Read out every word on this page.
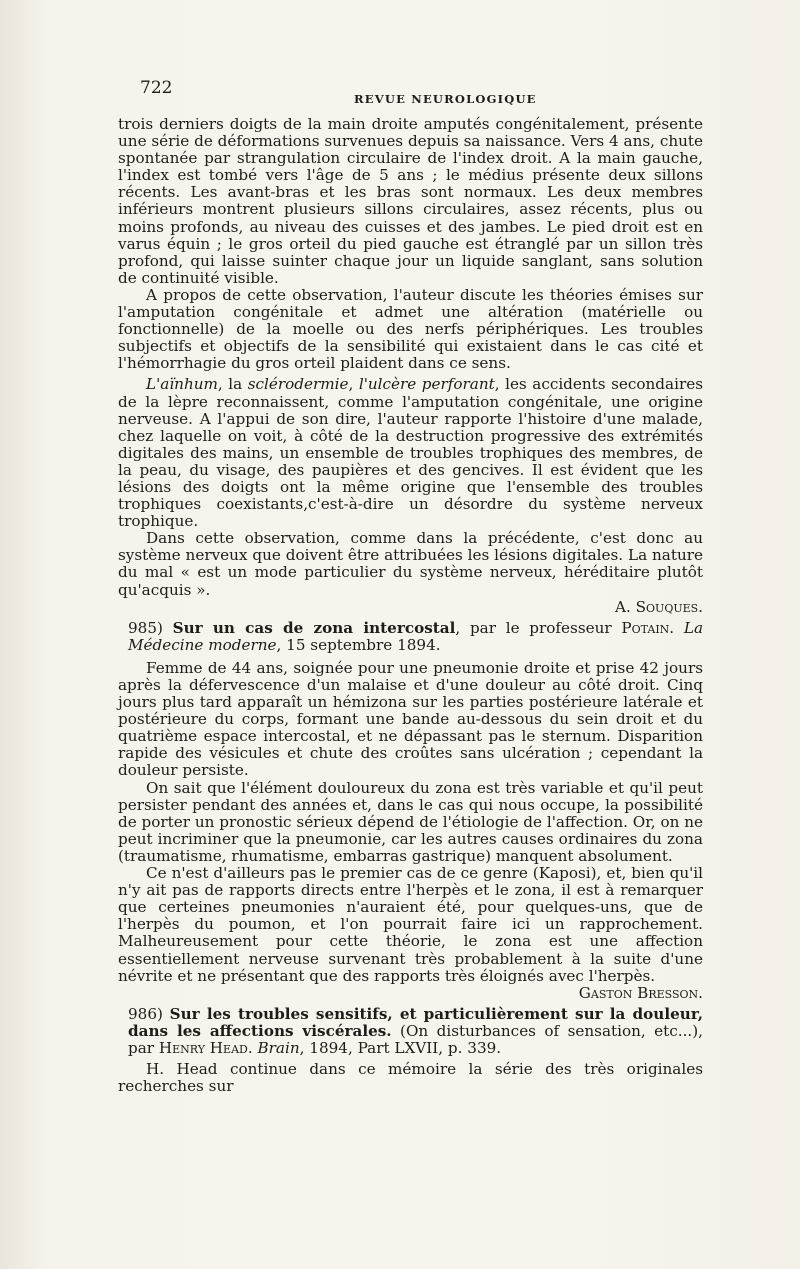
722
REVUE NEUROLOGIQUE

trois derniers doigts de la main droite amputés congénitalement, présente une série de déformations survenues depuis sa naissance. Vers 4 ans, chute spontanée par strangulation circulaire de l'index droit. A la main gauche, l'index est tombé vers l'âge de 5 ans ; le médius présente deux sillons récents. Les avant-bras et les bras sont normaux. Les deux membres inférieurs montrent plusieurs sillons circulaires, assez récents, plus ou moins profonds, au niveau des cuisses et des jambes. Le pied droit est en varus équin ; le gros orteil du pied gauche est étranglé par un sillon très profond, qui laisse suinter chaque jour un liquide sanglant, sans solution de continuité visible.

A propos de cette observation, l'auteur discute les théories émises sur l'amputation congénitale et admet une altération (matérielle ou fonctionnelle) de la moelle ou des nerfs périphériques. Les troubles subjectifs et objectifs de la sensibilité qui existaient dans le cas cité et l'hémorrhagie du gros orteil plaident dans ce sens.

L'aïnhum, la sclérodermie, l'ulcère perforant, les accidents secondaires de la lèpre reconnaissent, comme l'amputation congénitale, une origine nerveuse. A l'appui de son dire, l'auteur rapporte l'histoire d'une malade, chez laquelle on voit, à côté de la destruction progressive des extrémités digitales des mains, un ensemble de troubles trophiques des membres, de la peau, du visage, des paupières et des gencives. Il est évident que les lésions des doigts ont la même origine que l'ensemble des troubles trophiques coexistants,c'est-à-dire un désordre du système nerveux trophique.

Dans cette observation, comme dans la précédente, c'est donc au système nerveux que doivent être attribuées les lésions digitales. La nature du mal « est un mode particulier du système nerveux, héréditaire plutôt qu'acquis ».

A. Souques.

985) Sur un cas de zona intercostal, par le professeur Potain. La Médecine moderne, 15 septembre 1894.

Femme de 44 ans, soignée pour une pneumonie droite et prise 42 jours après la défervescence d'un malaise et d'une douleur au côté droit. Cinq jours plus tard apparaît un hémizona sur les parties postérieure latérale et postérieure du corps, formant une bande au-dessous du sein droit et du quatrième espace intercostal, et ne dépassant pas le sternum. Disparition rapide des vésicules et chute des croûtes sans ulcération ; cependant la douleur persiste.

On sait que l'élément douloureux du zona est très variable et qu'il peut persister pendant des années et, dans le cas qui nous occupe, la possibilité de porter un pronostic sérieux dépend de l'étiologie de l'affection. Or, on ne peut incriminer que la pneumonie, car les autres causes ordinaires du zona (traumatisme, rhumatisme, embarras gastrique) manquent absolument.

Ce n'est d'ailleurs pas le premier cas de ce genre (Kaposi), et, bien qu'il n'y ait pas de rapports directs entre l'herpès et le zona, il est à remarquer que certeines pneumonies n'auraient été, pour quelques-uns, que de l'herpès du poumon, et l'on pourrait faire ici un rapprochement. Malheureusement pour cette théorie, le zona est une affection essentiellement nerveuse survenant très probablement à la suite d'une névrite et ne présentant que des rapports très éloignés avec l'herpès.

Gaston Bresson.

986) Sur les troubles sensitifs, et particulièrement sur la douleur, dans les affections viscérales. (On disturbances of sensation, etc...), par Henry Head. Brain, 1894, Part LXVII, p. 339.

H. Head continue dans ce mémoire la série des très originales recherches sur
